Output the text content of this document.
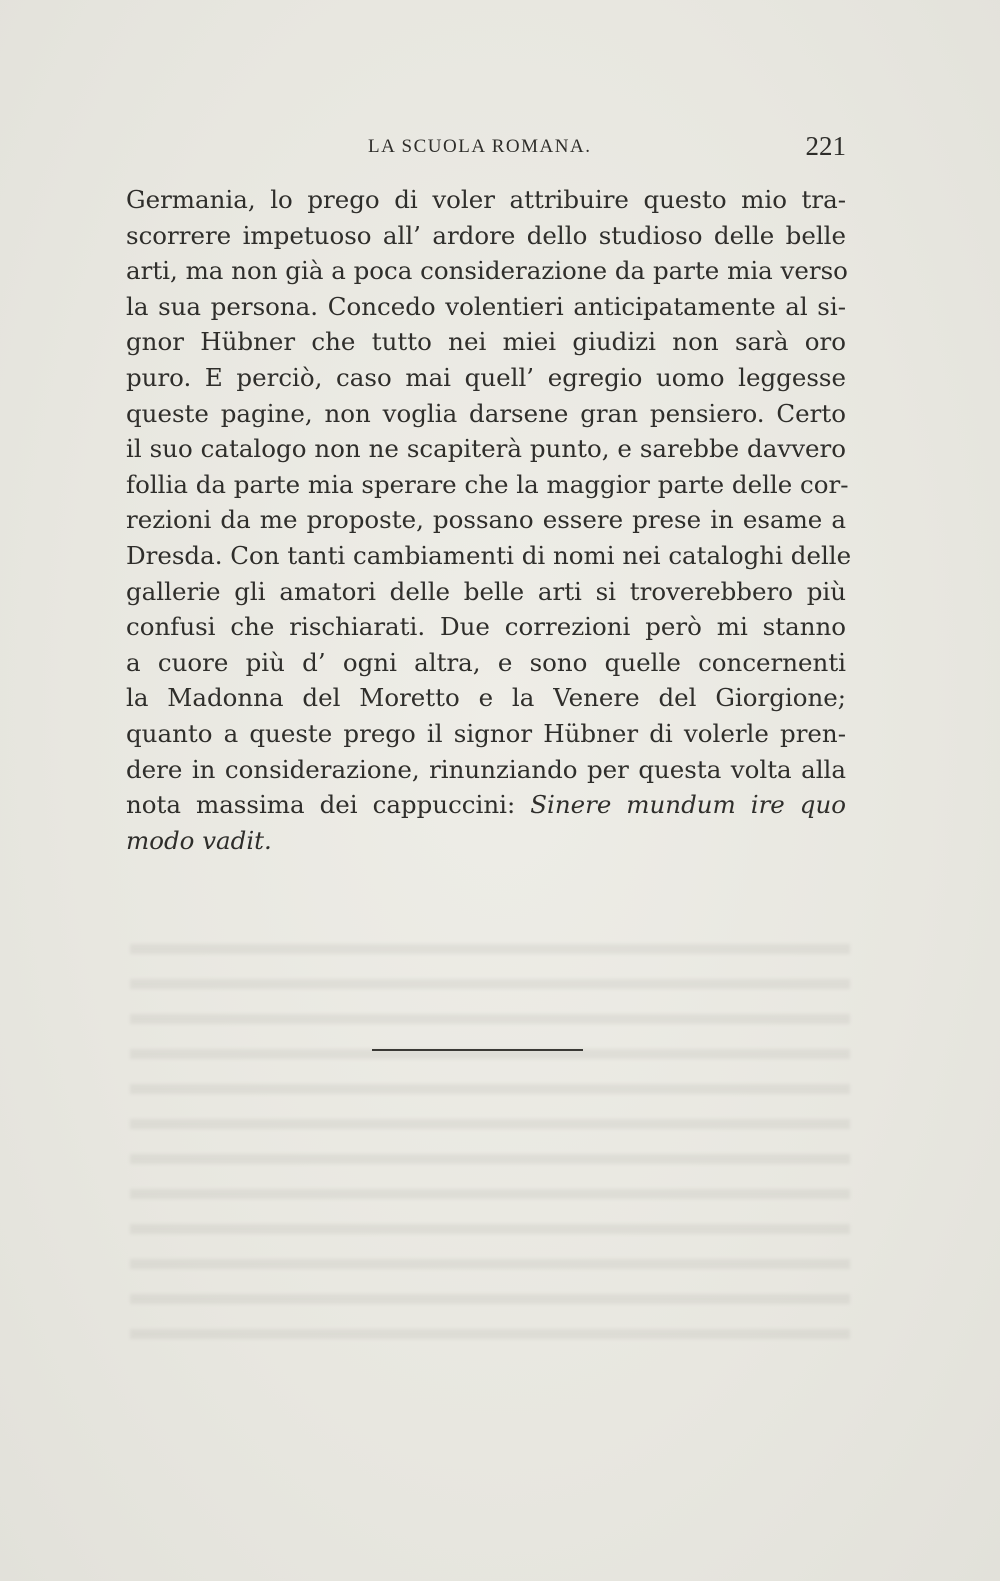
LA SCUOLA ROMANA.	221
Germania, lo prego di voler attribuire questo mio tra-
scorrere impetuoso all’ ardore dello studioso delle belle
arti, ma non già a poca considerazione da parte mia verso
la sua persona. Concedo volentieri anticipatamente al si-
gnor Hübner che tutto nei miei giudizi non sarà oro
puro. E perciò, caso mai quell’ egregio uomo leggesse
queste pagine, non voglia darsene gran pensiero. Certo
il suo catalogo non ne scapiterà punto, e sarebbe davvero
follia da parte mia sperare che la maggior parte delle cor-
rezioni da me proposte, possano essere prese in esame a
Dresda. Con tanti cambiamenti di nomi nei cataloghi delle
gallerie gli amatori delle belle arti si troverebbero più
confusi che rischiarati. Due correzioni però mi stanno
a cuore più d’ ogni altra, e sono quelle concernenti
la Madonna del Moretto e la Venere del Giorgione;
quanto a queste prego il signor Hübner di volerle pren-
dere in considerazione, rinunziando per questa volta alla
nota massima dei cappuccini: Sinere mundum ire quo
modo vadit.
